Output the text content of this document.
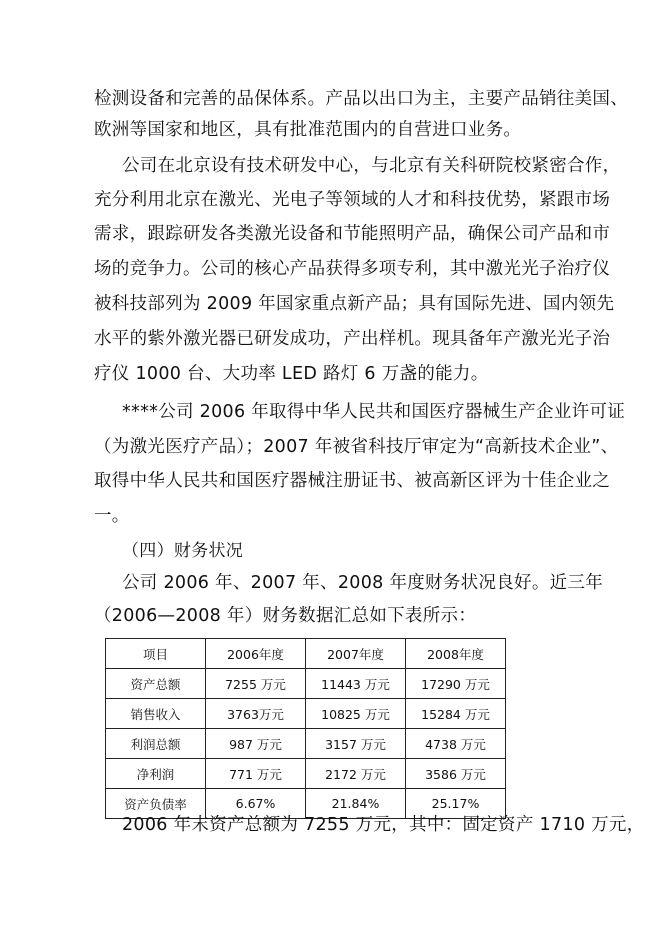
检测设备和完善的品保体系。产品以出口为主，主要产品销往美国、
欧洲等国家和地区，具有批准范围内的自营进口业务。
公司在北京设有技术研发中心，与北京有关科研院校紧密合作，
充分利用北京在激光、光电子等领域的人才和科技优势，紧跟市场
需求，跟踪研发各类激光设备和节能照明产品，确保公司产品和市
场的竞争力。公司的核心产品获得多项专利，其中激光光子治疗仪
被科技部列为 2009 年国家重点新产品；具有国际先进、国内领先
水平的紫外激光器已研发成功，产出样机。现具备年产激光光子治
疗仪 1000 台、大功率 LED 路灯 6 万盏的能力。
****公司 2006 年取得中华人民共和国医疗器械生产企业许可证
（为激光医疗产品）；2007 年被省科技厅审定为“高新技术企业”、
取得中华人民共和国医疗器械注册证书、被高新区评为十佳企业之
一。
（四）财务状况
公司 2006 年、2007 年、2008 年度财务状况良好。近三年
（2006—2008 年）财务数据汇总如下表所示：
项目	2006年度	2007年度	2008年度
资产总额	7255 万元	11443 万元	17290 万元
销售收入	3763万元	10825 万元	15284 万元
利润总额	987 万元	3157 万元	4738 万元
净利润	771 万元	2172 万元	3586 万元
资产负债率	6.67%	21.84%	25.17%
2006 年末资产总额为 7255 万元，其中：固定资产 1710 万元，
